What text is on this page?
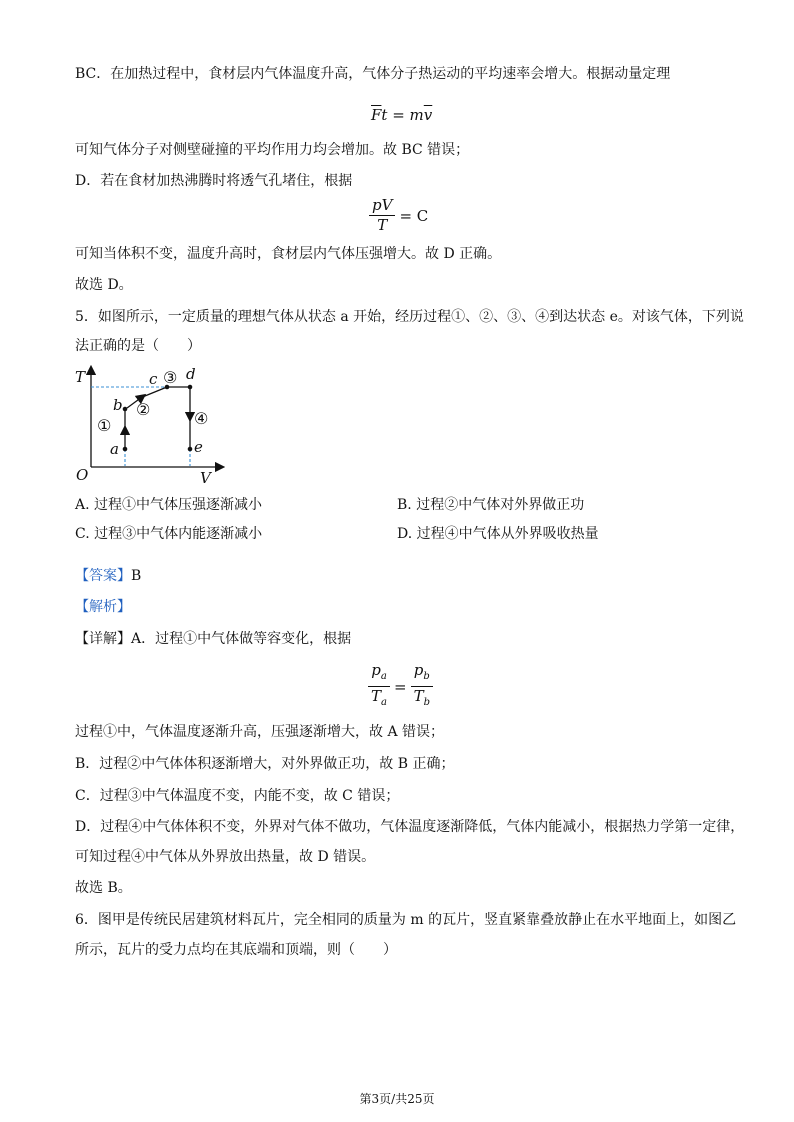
BC．在加热过程中，食材层内气体温度升高，气体分子热运动的平均速率会增大。根据动量定理
$\overline{F}t = m\overline{v}$
可知气体分子对侧壁碰撞的平均作用力均会增加。故 BC 错误；
D．若在食材加热沸腾时将透气孔堵住，根据
$\frac{pV}{T} = C$
可知当体积不变，温度升高时，食材层内气体压强增大。故 D 正确。
故选 D。
5．如图所示，一定质量的理想气体从状态 a 开始，经历过程①、②、③、④到达状态 e。对该气体，下列说
法正确的是（　　）
T
V
O
a
b
c d
e
①
②
③
④
A. 过程①中气体压强逐渐减小	B. 过程②中气体对外界做正功
C. 过程③中气体内能逐渐减小	D. 过程④中气体从外界吸收热量
【答案】B
【解析】
【详解】A．过程①中气体做等容变化，根据
$\frac{p_a}{T_a} = \frac{p_b}{T_b}$
过程①中，气体温度逐渐升高，压强逐渐增大，故 A 错误；
B．过程②中气体体积逐渐增大，对外界做正功，故 B 正确；
C．过程③中气体温度不变，内能不变，故 C 错误；
D．过程④中气体体积不变，外界对气体不做功，气体温度逐渐降低，气体内能减小，根据热力学第一定律，
可知过程④中气体从外界放出热量，故 D 错误。
故选 B。
6．图甲是传统民居建筑材料瓦片，完全相同的质量为 m 的瓦片，竖直紧靠叠放静止在水平地面上，如图乙
所示，瓦片的受力点均在其底端和顶端，则（　　）
第3页/共25页
